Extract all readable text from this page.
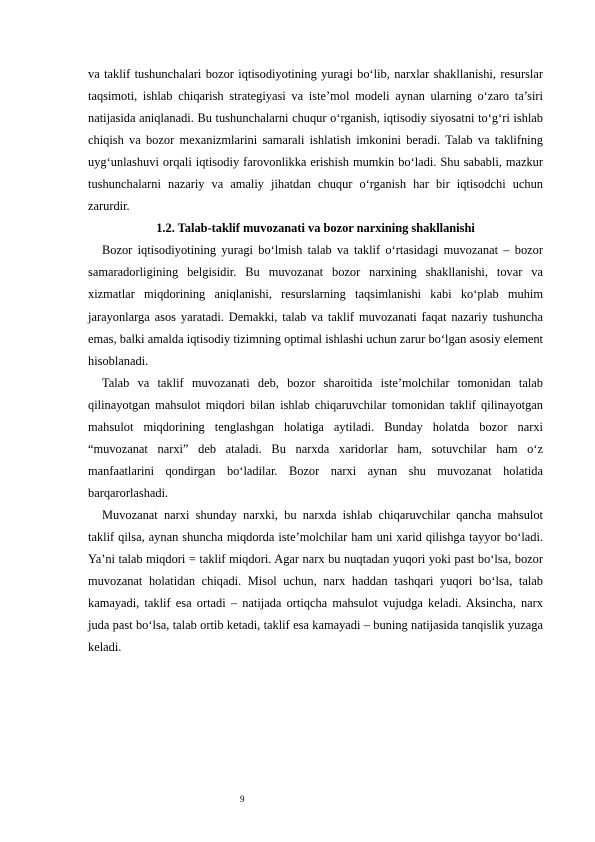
va taklif tushunchalari bozor iqtisodiyotining yuragi bo‘lib, narxlar shakllanishi, resurslar taqsimoti, ishlab chiqarish strategiyasi va iste’mol modeli aynan ularning o‘zaro ta’siri natijasida aniqlanadi. Bu tushunchalarni chuqur o‘rganish, iqtisodiy siyosatni to‘g‘ri ishlab chiqish va bozor mexanizmlarini samarali ishlatish imkonini beradi. Talab va taklifning uyg‘unlashuvi orqali iqtisodiy farovonlikka erishish mumkin bo‘ladi. Shu sababli, mazkur tushunchalarni nazariy va amaliy jihatdan chuqur o‘rganish har bir iqtisodchi uchun zarurdir.

1.2. Talab-taklif muvozanati va bozor narxining shakllanishi

Bozor iqtisodiyotining yuragi bo‘lmish talab va taklif o‘rtasidagi muvozanat – bozor samaradorligining belgisidir. Bu muvozanat bozor narxining shakllanishi, tovar va xizmatlar miqdorining aniqlanishi, resurslarning taqsimlanishi kabi ko‘plab muhim jarayonlarga asos yaratadi. Demakki, talab va taklif muvozanati faqat nazariy tushuncha emas, balki amalda iqtisodiy tizimning optimal ishlashi uchun zarur bo‘lgan asosiy element hisoblanadi.

Talab va taklif muvozanati deb, bozor sharoitida iste’molchilar tomonidan talab qilinayotgan mahsulot miqdori bilan ishlab chiqaruvchilar tomonidan taklif qilinayotgan mahsulot miqdorining tenglashgan holatiga aytiladi. Bunday holatda bozor narxi “muvozanat narxi” deb ataladi. Bu narxda xaridorlar ham, sotuvchilar ham o‘z manfaatlarini qondirgan bo‘ladilar. Bozor narxi aynan shu muvozanat holatida barqarorlashadi.

Muvozanat narxi shunday narxki, bu narxda ishlab chiqaruvchilar qancha mahsulot taklif qilsa, aynan shuncha miqdorda iste’molchilar ham uni xarid qilishga tayyor bo‘ladi. Ya’ni talab miqdori = taklif miqdori. Agar narx bu nuqtadan yuqori yoki past bo‘lsa, bozor muvozanat holatidan chiqadi. Misol uchun, narx haddan tashqari yuqori bo‘lsa, talab kamayadi, taklif esa ortadi – natijada ortiqcha mahsulot vujudga keladi. Aksincha, narx juda past bo‘lsa, talab ortib ketadi, taklif esa kamayadi – buning natijasida tanqislik yuzaga keladi.

9
